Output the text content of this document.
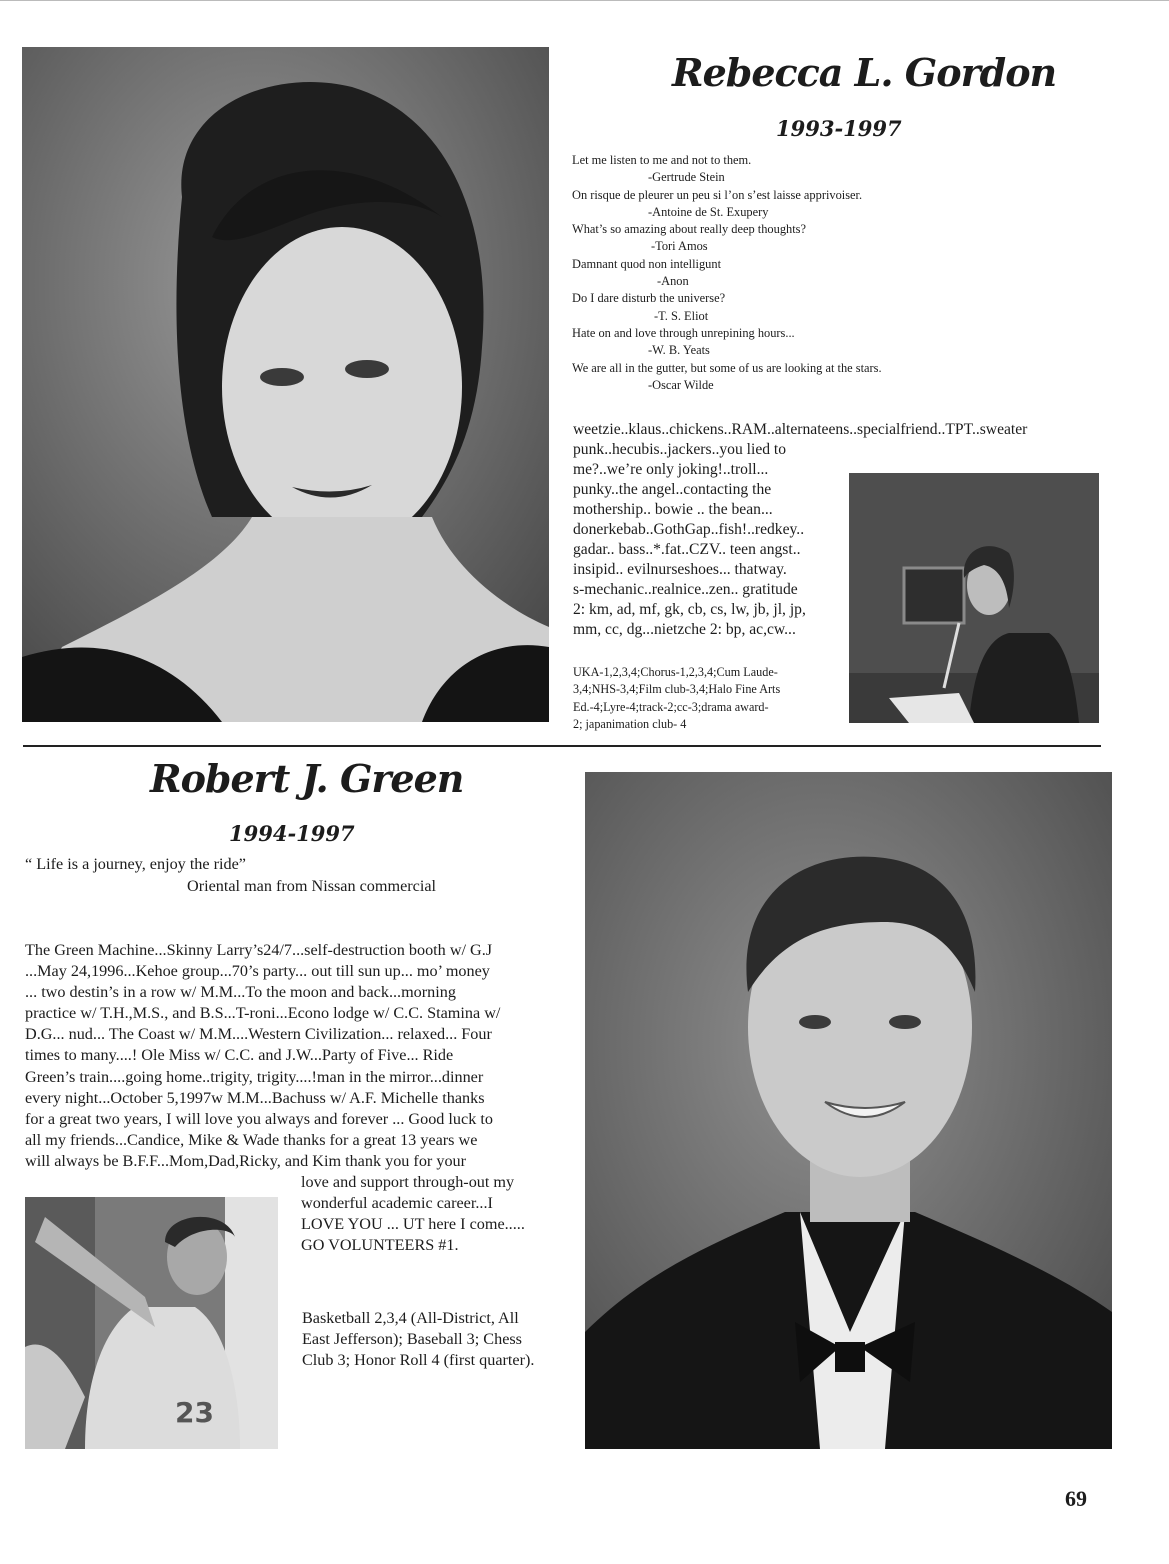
Rebecca L. Gordon
1993-1997
Let me listen to me and not to them.
-Gertrude Stein
On risque de pleurer un peu si l’on s’est laisse apprivoiser.
-Antoine de St. Exupery
What’s so amazing about really deep thoughts?
-Tori Amos
Damnant quod non intelligunt
-Anon
Do I dare disturb the universe?
-T. S. Eliot
Hate on and love through unrepining hours...
-W. B. Yeats
We are all in the gutter, but some of us are looking at the stars.
-Oscar Wilde
weetzie..klaus..chickens..RAM..alternateens..specialfriend..TPT..sweater
punk..hecubis..jackers..you lied to
me?..we’re only joking!..troll...
punky..the angel..contacting the
mothership.. bowie .. the bean...
donerkebab..GothGap..fish!..redkey..
gadar.. bass..*.fat..CZV.. teen angst..
insipid.. evilnurseshoes... thatway.
s-mechanic..realnice..zen.. gratitude
2: km, ad, mf, gk, cb, cs, lw, jb, jl, jp,
mm, cc, dg...nietzche 2: bp, ac,cw...
UKA-1,2,3,4;Chorus-1,2,3,4;Cum Laude-
3,4;NHS-3,4;Film club-3,4;Halo Fine Arts
Ed.-4;Lyre-4;track-2;cc-3;drama award-
2; japanimation club- 4
Robert J. Green
1994-1997
“ Life is a journey, enjoy the ride”
Oriental man from Nissan commercial
The Green Machine...Skinny Larry’s24/7...self-destruction booth w/ G.J
...May 24,1996...Kehoe group...70’s party... out till sun up... mo’ money
... two destin’s in a row w/ M.M...To the moon and back...morning
practice w/ T.H.,M.S., and B.S...T-roni...Econo lodge w/ C.C. Stamina w/
D.G... nud... The Coast w/ M.M....Western Civilization... relaxed... Four
times to many....! Ole Miss w/ C.C. and J.W...Party of Five... Ride
Green’s train....going home..trigity, trigity....!man in the mirror...dinner
every night...October 5,1997w M.M...Bachuss w/ A.F. Michelle thanks
for a great two years, I will love you always and forever ... Good luck to
all my friends...Candice, Mike & Wade thanks for a great 13 years we
will always be B.F.F...Mom,Dad,Ricky, and Kim thank you for your
love and support through-out my
wonderful academic career...I
LOVE YOU ... UT here I come.....
GO VOLUNTEERS #1.
23
Basketball 2,3,4 (All-District, All
East Jefferson); Baseball 3; Chess
Club 3; Honor Roll 4 (first quarter).
69
